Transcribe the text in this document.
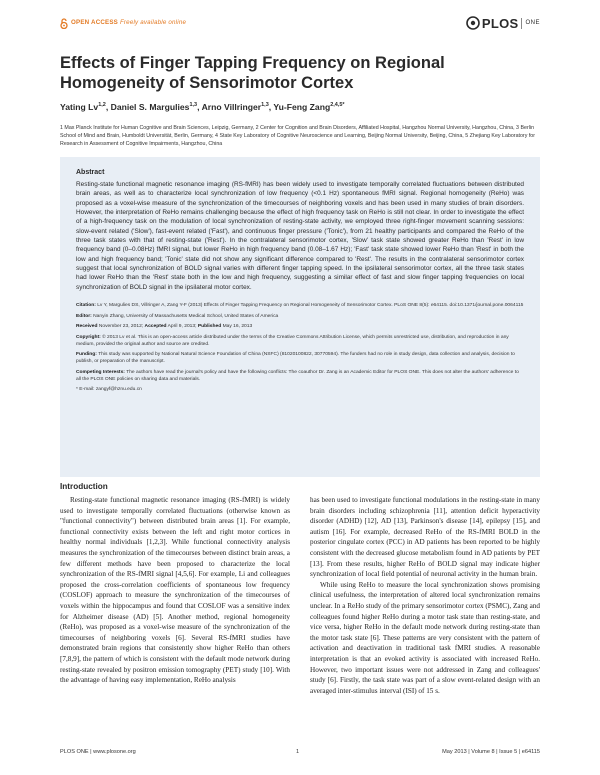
OPEN ACCESS Freely available online	PLOS ONE
Effects of Finger Tapping Frequency on Regional Homogeneity of Sensorimotor Cortex
Yating Lv$^{1,2}$, Daniel S. Margulies$^{1,3}$, Arno Villringer$^{1,3}$, Yu-Feng Zang$^{2,4,5*}$

1 Max Planck Institute for Human Cognitive and Brain Sciences, Leipzig, Germany, 2 Center for Cognition and Brain Disorders, Affiliated Hospital, Hangzhou Normal University, Hangzhou, China, 3 Berlin School of Mind and Brain, Humboldt Universität, Berlin, Germany, 4 State Key Laboratory of Cognitive Neuroscience and Learning, Beijing Normal University, Beijing, China, 5 Zhejiang Key Laboratory for Research in Assessment of Cognitive Impairments, Hangzhou, China

Abstract

Resting-state functional magnetic resonance imaging (RS-fMRI) has been widely used to investigate temporally correlated fluctuations between distributed brain areas, as well as to characterize local synchronization of low frequency (<0.1 Hz) spontaneous fMRI signal. Regional homogeneity (ReHo) was proposed as a voxel-wise measure of the synchronization of the timecourses of neighboring voxels and has been used in many studies of brain disorders. However, the interpretation of ReHo remains challenging because the effect of high frequency task on ReHo is still not clear. In order to investigate the effect of a high-frequency task on the modulation of local synchronization of resting-state activity, we employed three right-finger movement scanning sessions: slow-event related ('Slow'), fast-event related ('Fast'), and continuous finger pressure ('Tonic'), from 21 healthy participants and compared the ReHo of the three task states with that of resting-state ('Rest'). In the contralateral sensorimotor cortex, 'Slow' task state showed greater ReHo than 'Rest' in low frequency band (0–0.08Hz) fMRI signal, but lower ReHo in high frequency band (0.08–1.67 Hz); 'Fast' task state showed lower ReHo than 'Rest' in both the low and high frequency band; 'Tonic' state did not show any significant difference compared to 'Rest'. The results in the contralateral sensorimotor cortex suggest that local synchronization of BOLD signal varies with different finger tapping speed. In the ipsilateral sensorimotor cortex, all the three task states had lower ReHo than the 'Rest' state both in the low and high frequency, suggesting a similar effect of fast and slow finger tapping frequencies on local synchronization of BOLD signal in the ipsilateral motor cortex.

Citation: Lv Y, Margulies DS, Villringer A, Zang Y-F (2013) Effects of Finger Tapping Frequency on Regional Homogeneity of Sensorimotor Cortex. PLoS ONE 8(5): e64115. doi:10.1371/journal.pone.0064115

Editor: Nanyin Zhang, University of Massachusetts Medical School, United States of America

Received November 23, 2012; Accepted April 9, 2013; Published May 16, 2013

Copyright: © 2013 Lv et al. This is an open-access article distributed under the terms of the Creative Commons Attribution License, which permits unrestricted use, distribution, and reproduction in any medium, provided the original author and source are credited.

Funding: This study was supported by National Natural Science Foundation of China (NSFC) (81020100822, 30770594). The funders had no role in study design, data collection and analysis, decision to publish, or preparation of the manuscript.

Competing Interests: The authors have read the journal's policy and have the following conflicts: The coauthor Dr. Zang is an Academic Editor for PLOS ONE. This does not alter the authors' adherence to all the PLOS ONE policies on sharing data and materials.

* E-mail: zangyf@hznu.edu.cn

Introduction

Resting-state functional magnetic resonance imaging (RS-fMRI) is widely used to investigate temporally correlated fluctuations (otherwise known as "functional connectivity") between distributed brain areas [1]. For example, functional connectivity exists between the left and right motor cortices in healthy normal individuals [1,2,3]. While functional connectivity analysis measures the synchronization of the timecourses between distinct brain areas, a few different methods have been proposed to characterize the local synchronization of the RS-fMRI signal [4,5,6]. For example, Li and colleagues proposed the cross-correlation coefficients of spontaneous low frequency (COSLOF) approach to measure the synchronization of the timecourses of voxels within the hippocampus and found that COSLOF was a sensitive index for Alzheimer disease (AD) [5]. Another method, regional homogeneity (ReHo), was proposed as a voxel-wise measure of the synchronization of the timecourses of neighboring voxels [6]. Several RS-fMRI studies have demonstrated brain regions that consistently show higher ReHo than others [7,8,9], the pattern of which is consistent with the default mode network during resting-state revealed by positron emission tomography (PET) study [10]. With the advantage of having easy implementation, ReHo analysis

has been used to investigate functional modulations in the resting-state in many brain disorders including schizophrenia [11], attention deficit hyperactivity disorder (ADHD) [12], AD [13], Parkinson's disease [14], epilepsy [15], and autism [16]. For example, decreased ReHo of the RS-fMRI BOLD in the posterior cingulate cortex (PCC) in AD patients has been reported to be highly consistent with the decreased glucose metabolism found in AD patients by PET [13]. From these results, higher ReHo of BOLD signal may indicate higher synchronization of local field potential of neuronal activity in the human brain.

While using ReHo to measure the local synchronization shows promising clinical usefulness, the interpretation of altered local synchronization remains unclear. In a ReHo study of the primary sensorimotor cortex (PSMC), Zang and colleagues found higher ReHo during a motor task state than resting-state, and vice versa, higher ReHo in the default mode network during resting-state than the motor task state [6]. These patterns are very consistent with the pattern of activation and deactivation in traditional task fMRI studies. A reasonable interpretation is that an evoked activity is associated with increased ReHo. However, two important issues were not addressed in Zang and colleagues' study [6]. Firstly, the task state was part of a slow event-related design with an averaged inter-stimulus interval (ISI) of 15 s.

PLOS ONE | www.plosone.org	1	May 2013 | Volume 8 | Issue 5 | e64115
